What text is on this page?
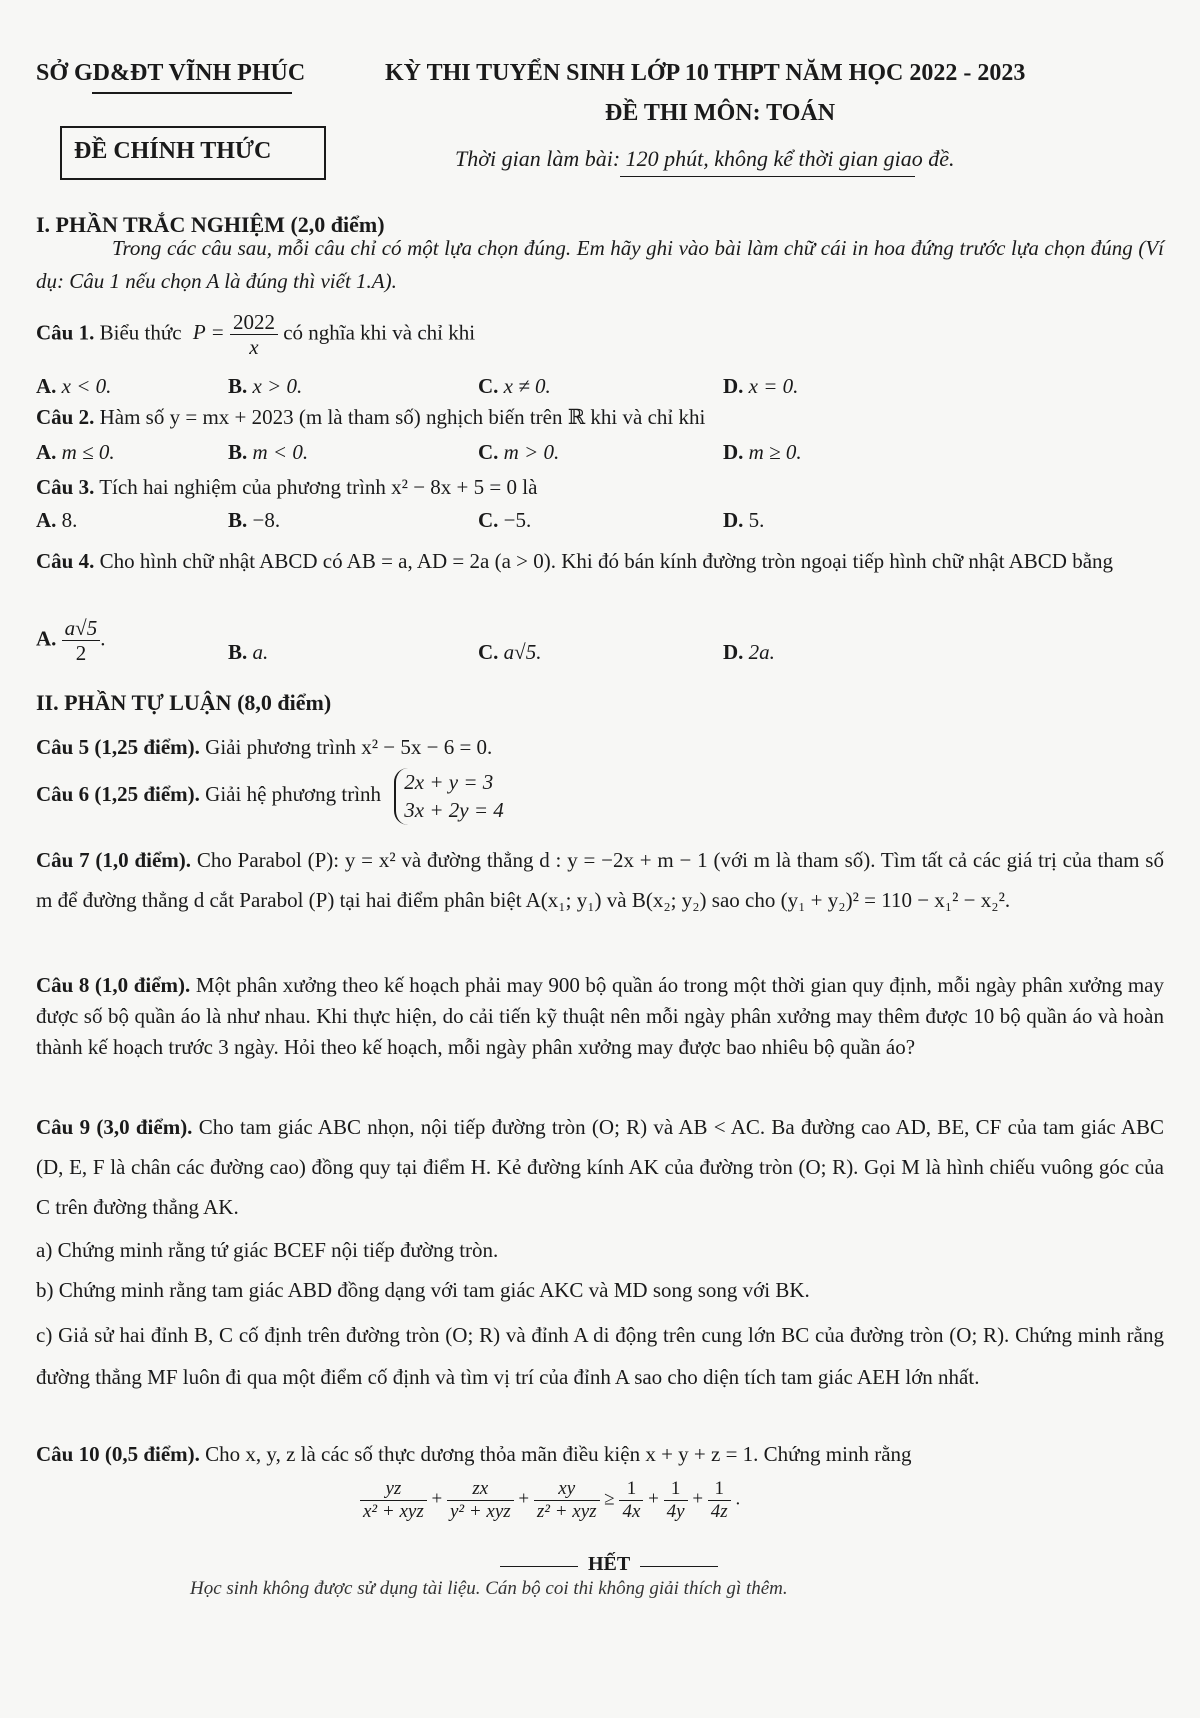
SỞ GD&ĐT VĨNH PHÚC	KỲ THI TUYỂN SINH LỚP 10 THPT NĂM HỌC 2022 - 2023
ĐỀ THI MÔN: TOÁN
ĐỀ CHÍNH THỨC	Thời gian làm bài: 120 phút, không kể thời gian giao đề.
I. PHẦN TRẮC NGHIỆM (2,0 điểm)
Trong các câu sau, mỗi câu chỉ có một lựa chọn đúng. Em hãy ghi vào bài làm chữ cái in hoa đứng trước lựa chọn đúng (Ví dụ: Câu 1 nếu chọn A là đúng thì viết 1.A).
Câu 1. Biểu thức $P = \frac{2022}{x}$ có nghĩa khi và chỉ khi
A. x < 0.	B. x > 0.	C. x ≠ 0.	D. x = 0.
Câu 2. Hàm số y = mx + 2023 (m là tham số) nghịch biến trên ℝ khi và chỉ khi
A. m ≤ 0.	B. m < 0.	C. m > 0.	D. m ≥ 0.
Câu 3. Tích hai nghiệm của phương trình x² − 8x + 5 = 0 là
A. 8.	B. −8.	C. −5.	D. 5.
Câu 4. Cho hình chữ nhật ABCD có AB = a, AD = 2a (a > 0). Khi đó bán kính đường tròn ngoại tiếp hình chữ nhật ABCD bằng
A. $\frac{a√5}{2}$ .
B. a.	C. a√5.	D. 2a.
II. PHẦN TỰ LUẬN (8,0 điểm)
Câu 5 (1,25 điểm). Giải phương trình x² − 5x − 6 = 0.
Câu 6 (1,25 điểm). Giải hệ phương trình
2x + y = 3
3x + 2y = 4
Câu 7 (1,0 điểm). Cho Parabol (P): y = x² và đường thẳng d : y = −2x + m − 1 (với m là tham số). Tìm tất cả các giá trị của tham số m để đường thẳng d cắt Parabol (P) tại hai điểm phân biệt A(x₁; y₁) và B(x₂; y₂) sao cho (y₁ + y₂)² = 110 − x₁² − x₂².
Câu 8 (1,0 điểm). Một phân xưởng theo kế hoạch phải may 900 bộ quần áo trong một thời gian quy định, mỗi ngày phân xưởng may được số bộ quần áo là như nhau. Khi thực hiện, do cải tiến kỹ thuật nên mỗi ngày phân xưởng may thêm được 10 bộ quần áo và hoàn thành kế hoạch trước 3 ngày. Hỏi theo kế hoạch, mỗi ngày phân xưởng may được bao nhiêu bộ quần áo?
Câu 9 (3,0 điểm). Cho tam giác ABC nhọn, nội tiếp đường tròn (O; R) và AB < AC. Ba đường cao AD, BE, CF của tam giác ABC (D, E, F là chân các đường cao) đồng quy tại điểm H. Kẻ đường kính AK của đường tròn (O; R). Gọi M là hình chiếu vuông góc của C trên đường thẳng AK.
a) Chứng minh rằng tứ giác BCEF nội tiếp đường tròn.
b) Chứng minh rằng tam giác ABD đồng dạng với tam giác AKC và MD song song với BK.
c) Giả sử hai đỉnh B, C cố định trên đường tròn (O; R) và đỉnh A di động trên cung lớn BC của đường tròn (O; R). Chứng minh rằng đường thẳng MF luôn đi qua một điểm cố định và tìm vị trí của đỉnh A sao cho diện tích tam giác AEH lớn nhất.
Câu 10 (0,5 điểm). Cho x, y, z là các số thực dương thỏa mãn điều kiện x + y + z = 1. Chứng minh rằng
$\frac{yz}{\text{x² + xyz}} + \frac{zx}{\text{y² + xyz}} + \frac{xy}{\text{z² + xyz}} \ge \frac{1}{4x} + \frac{1}{4y} + \frac{1}{4z}$ .
HẾT
Học sinh không được sử dụng tài liệu. Cán bộ coi thi không giải thích gì thêm.
